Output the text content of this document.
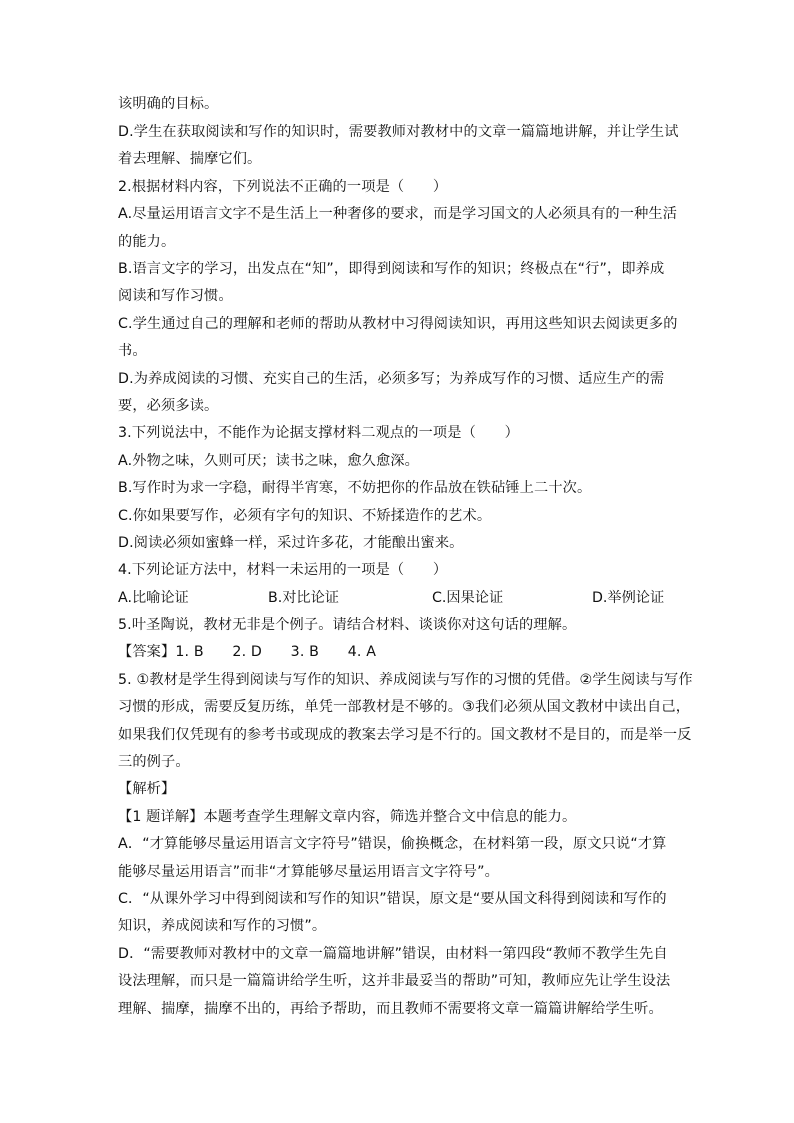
该明确的目标。
D.学生在获取阅读和写作的知识时，需要教师对教材中的文章一篇篇地讲解，并让学生试
着去理解、揣摩它们。
2.根据材料内容，下列说法不正确的一项是（　　）
A.尽量运用语言文字不是生活上一种奢侈的要求，而是学习国文的人必须具有的一种生活
的能力。
B.语言文字的学习，出发点在“知”，即得到阅读和写作的知识；终极点在“行”，即养成
阅读和写作习惯。
C.学生通过自己的理解和老师的帮助从教材中习得阅读知识，再用这些知识去阅读更多的
书。
D.为养成阅读的习惯、充实自己的生活，必须多写；为养成写作的习惯、适应生产的需
要，必须多读。
3.下列说法中，不能作为论据支撑材料二观点的一项是（　　）
A.外物之味，久则可厌；读书之味，愈久愈深。
B.写作时为求一字稳，耐得半宵寒，不妨把你的作品放在铁砧锤上二十次。
C.你如果要写作，必须有字句的知识、不矫揉造作的艺术。
D.阅读必须如蜜蜂一样，采过许多花，才能酿出蜜来。
4.下列论证方法中，材料一未运用的一项是（　　）
A.比喻论证	B.对比论证	C.因果论证	D.举例论证
5.叶圣陶说，教材无非是个例子。请结合材料、谈谈你对这句话的理解。
【答案】1. B　　2. D　　3. B　　4. A
5. ①教材是学生得到阅读与写作的知识、养成阅读与写作的习惯的凭借。②学生阅读与写作
习惯的形成，需要反复历练，单凭一部教材是不够的。③我们必须从国文教材中读出自己，
如果我们仅凭现有的参考书或现成的教案去学习是不行的。国文教材不是目的，而是举一反
三的例子。
【解析】
【1 题详解】本题考查学生理解文章内容，筛选并整合文中信息的能力。
A．“才算能够尽量运用语言文字符号”错误，偷换概念，在材料第一段，原文只说“才算
能够尽量运用语言”而非“才算能够尽量运用语言文字符号”。
C．“从课外学习中得到阅读和写作的知识”错误，原文是“要从国文科得到阅读和写作的
知识，养成阅读和写作的习惯”。
D．“需要教师对教材中的文章一篇篇地讲解”错误，由材料一第四段“教师不教学生先自
设法理解，而只是一篇篇讲给学生听，这并非最妥当的帮助”可知，教师应先让学生设法
理解、揣摩，揣摩不出的，再给予帮助，而且教师不需要将文章一篇篇讲解给学生听。
